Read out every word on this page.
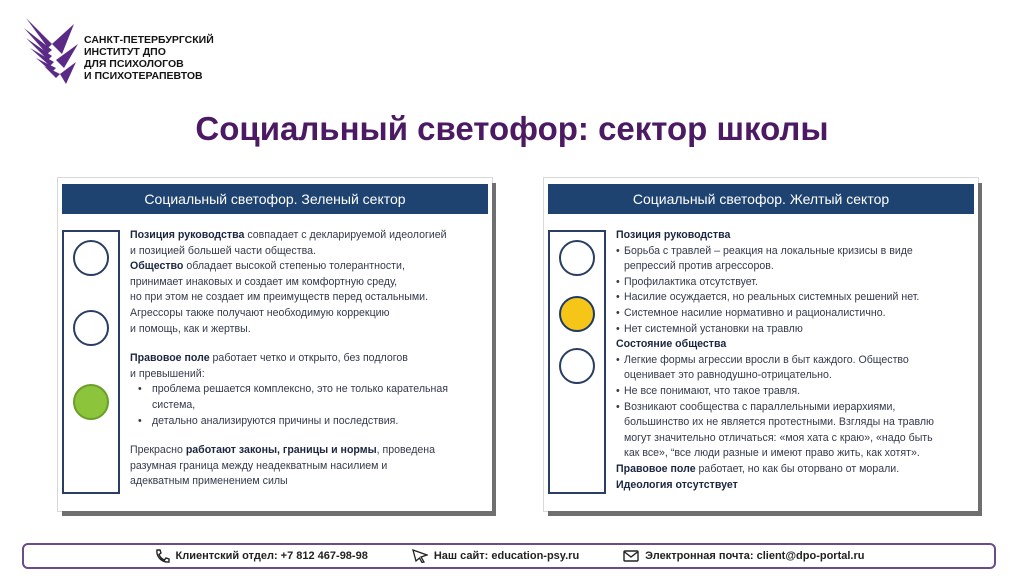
САНКТ-ПЕТЕРБУРГСКИЙ
ИНСТИТУТ ДПО
ДЛЯ ПСИХОЛОГОВ
И ПСИХОТЕРАПЕВТОВ
Социальный светофор: сектор школы
Социальный светофор. Зеленый сектор

Позиция руководства совпадает с декларируемой идеологией

и позицией большей части общества.

Общество обладает высокой степенью толерантности,

принимает инаковых и создает им комфортную среду,

но при этом не создает им преимуществ перед остальными.

Агрессоры также получают необходимую коррекцию

и помощь, как и жертвы.

Правовое поле работает четко и открыто, без подлогов

и превышений:

• проблема решается комплексно, это не только карательная
система,
• детально анализируются причины и последствия.

Прекрасно работают законы, границы и нормы, проведена

разумная граница между неадекватным насилием и

адекватным применением силы

Социальный светофор. Желтый сектор

Позиция руководства

• Борьба с травлей – реакция на локальные кризисы в виде
репрессий против агрессоров.
• Профилактика отсутствует.
• Насилие осуждается, но реальных системных решений нет.
• Системное насилие нормативно и рационалистично.
• Нет системной установки на травлю

Состояние общества

• Легкие формы агрессии вросли в быт каждого. Общество
оценивает это равнодушно-отрицательно.
• Не все понимают, что такое травля.
• Возникают сообщества с параллельными иерархиями,
большинство их не является протестными. Взгляды на травлю
могут значительно отличаться: «моя хата с краю», «надо быть
как все», “все люди разные и имеют право жить, как хотят».

Правовое поле работает, но как бы оторвано от морали.

Идеология отсутствует

Клиентский отдел: +7 812 467-98-98	Наш сайт: education-psy.ru	Электронная почта: client@dpo-portal.ru
